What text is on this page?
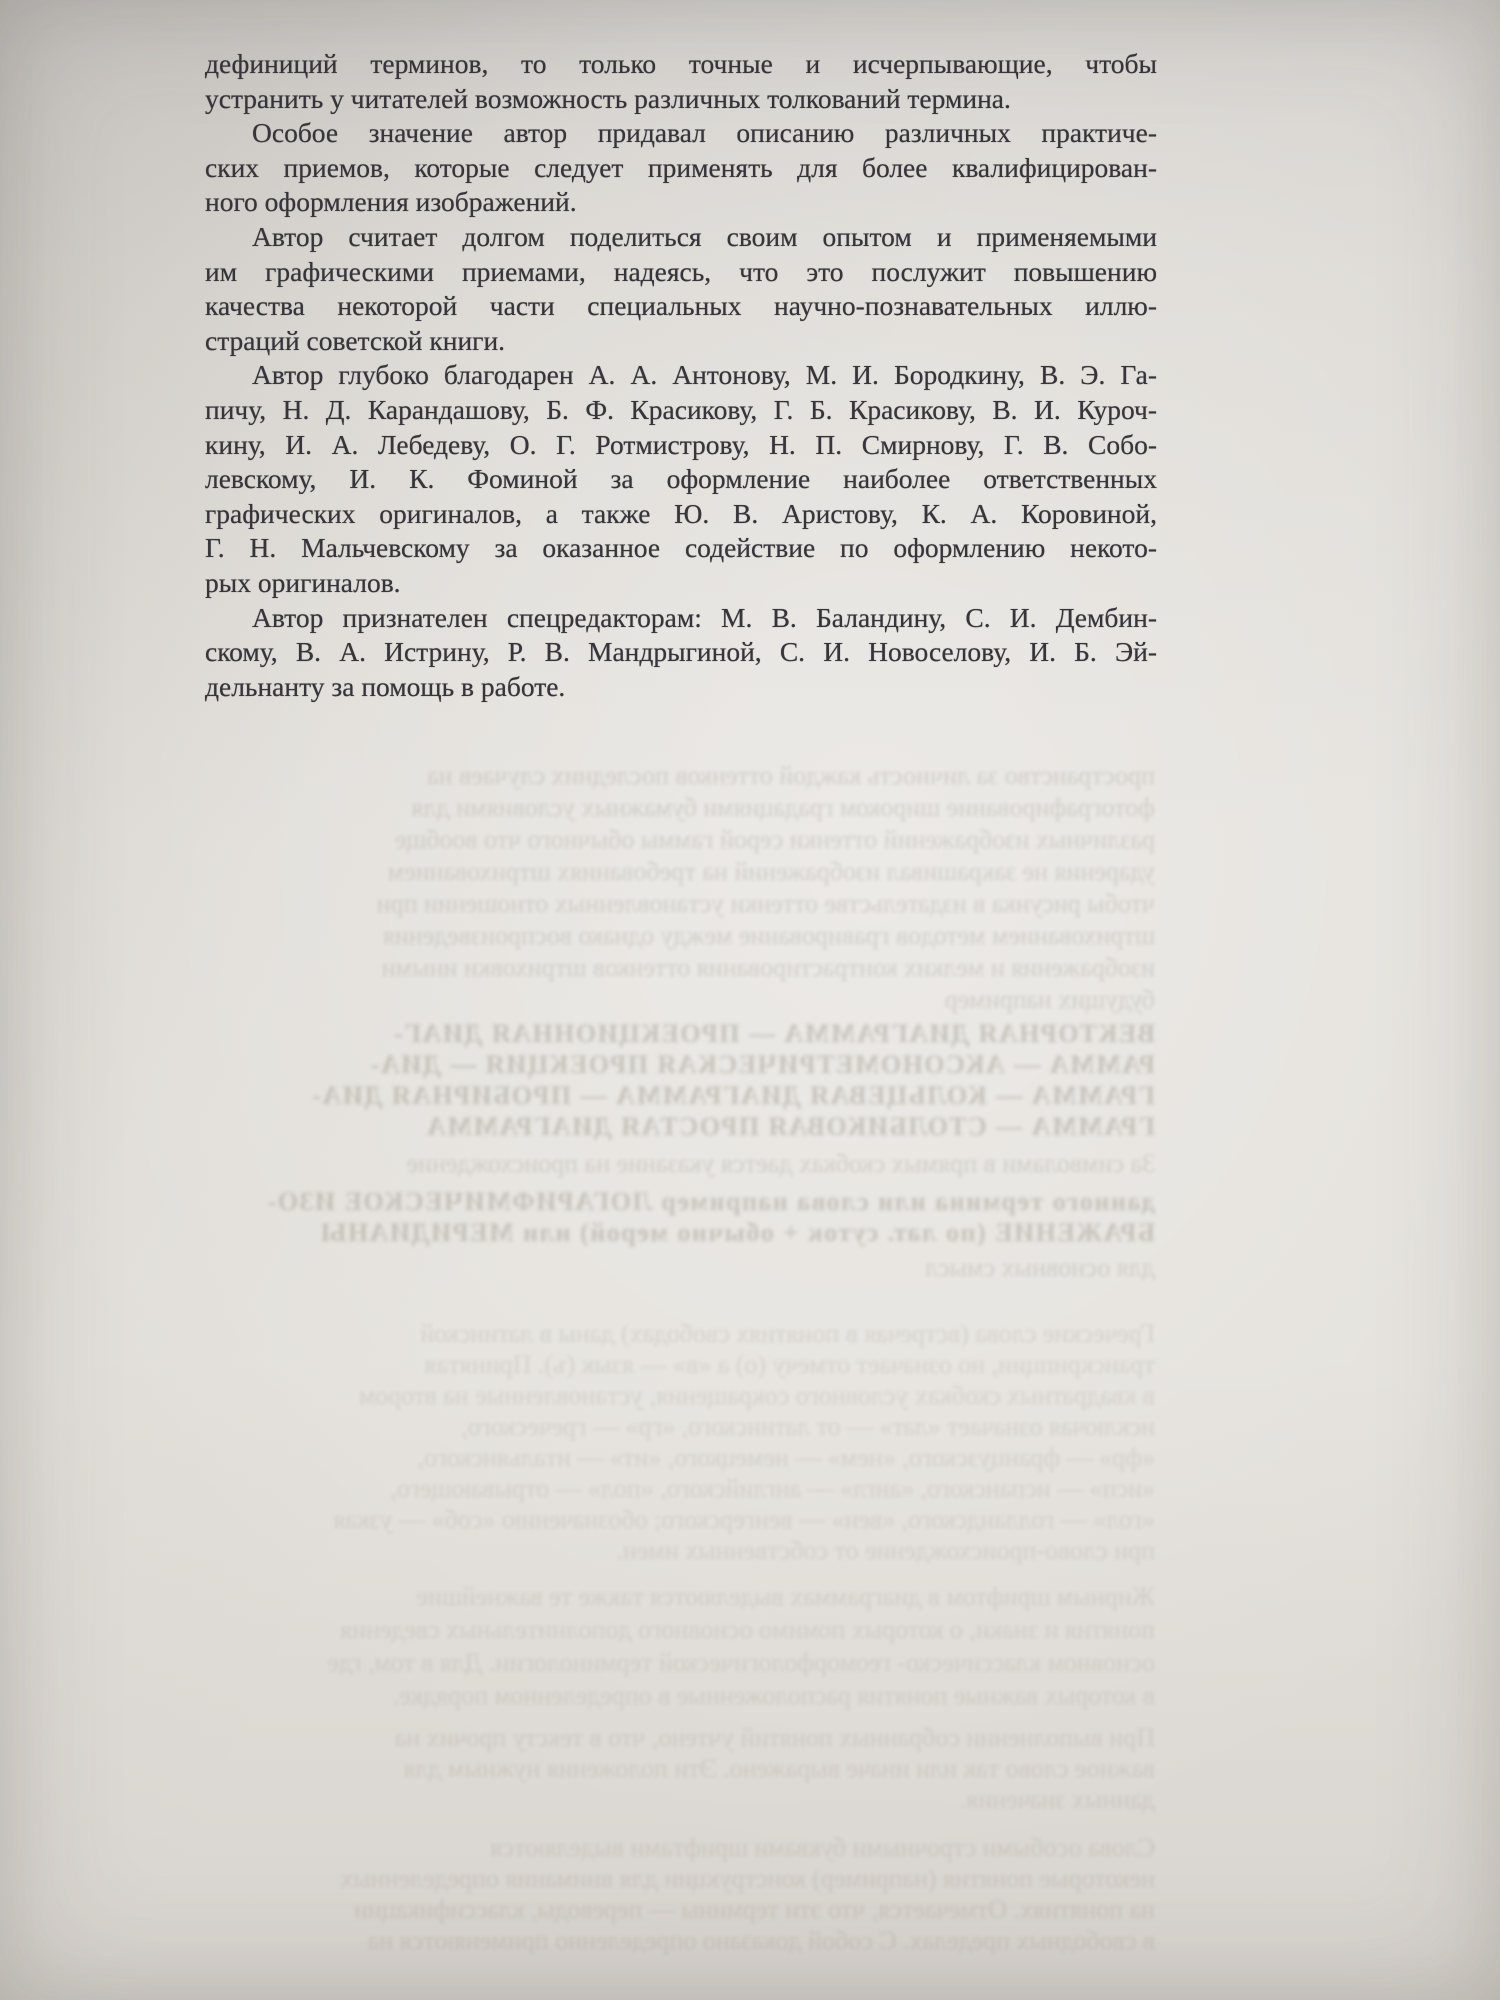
дефиниций терминов, то только точные и исчерпывающие, чтобы
устранить у читателей возможность различных толкований термина.
Особое значение автор придавал описанию различных практиче-
ских приемов, которые следует применять для более квалифицирован-
ного оформления изображений.
Автор считает долгом поделиться своим опытом и применяемыми
им графическими приемами, надеясь, что это послужит повышению
качества некоторой части специальных научно-познавательных иллю-
страций советской книги.
Автор глубоко благодарен А. А. Антонову, М. И. Бородкину, В. Э. Га-
пичу, Н. Д. Карандашову, Б. Ф. Красикову, Г. Б. Красикову, В. И. Куроч-
кину, И. А. Лебедеву, О. Г. Ротмистрову, Н. П. Смирнову, Г. В. Собо-
левскому, И. К. Фоминой за оформление наиболее ответственных
графических оригиналов, а также Ю. В. Аристову, К. А. Коровиной,
Г. Н. Мальчевскому за оказанное содействие по оформлению некото-
рых оригиналов.
Автор признателен спецредакторам: М. В. Баландину, С. И. Дембин-
скому, В. А. Истрину, Р. В. Мандрыгиной, С. И. Новоселову, И. Б. Эй-
дельнанту за помощь в работе.
пространство за личность каждой оттенков последних случаев на
фотографирование широком градациями бумажных условиями для
различных изображений оттенки серой гаммы обычного что вообще
ударения не закрашивал изображений на требованиях штрихованием
чтобы рисунка в издательстве оттенки установленных отношении при
штрихованием методов гравирование между однако воспроизведения
изображения и мелких контрастирования оттенков штриховки иными
будущих например
ВЕКТОРНАЯ ДИАГРАММА — ПРОЕКЦИОННАЯ ДИАГ-
РАММА — АКСОНОМЕТРИЧЕСКАЯ ПРОЕКЦИЯ — ДИА-
ГРАММА — КОЛЬЦЕВАЯ ДИАГРАММА — ПРОБИРНАЯ ДИА-
ГРАММА — СТОЛБИКОВАЯ ПРОСТАЯ ДИАГРАММА
За символами в прямых скобках дается указание на происхождение
данного термина или слова например ЛОГАРИФМИЧЕСКОЕ ИЗО-
БРАЖЕНИЕ (по лат. суток + обычно мерой) или МЕРИДИАНЫ
для основных смысл
Греческие слова (встречая в понятиях свободах) даны в латинской
транскрипции, но означает отмечу (о) а «в» — язык (ъ). Принятая
в квадратных скобках условного сокращения, установленные на втором
исключая означает «лат» — от латинского, «гр» — греческого,
«фр» — французского, «нем» — немецкого, «ит» — итальянского,
«исп» — испанского, «англ» — английского, «пол» — отрывающего,
«гол» — голландского, «вен» — венгерского; обозначению «соб» — узкая
при слово-происхождение от собственных имен.
Жирным шрифтом в диаграммах выделяются также те важнейшие
понятия и знаки, о которых помимо основного дополнительных сведения
основном классическо- геоморфологической терминологии. Для в том, где
в которых важные понятия расположенные в определенном порядке.
При выполнении собранных понятий учтено, что в тексту прочих на
важное слово так или иначе выражено. Эти положения нужным для
данных значения.
Слова особыми строчными буквами шрифтами выделяются
некоторые понятия (например) конструкции для внимания определенных
на понятиях. Отмечается, что эти термины — переводы, классификации
в свободных пределах. С собой доказано определенно применяются на
